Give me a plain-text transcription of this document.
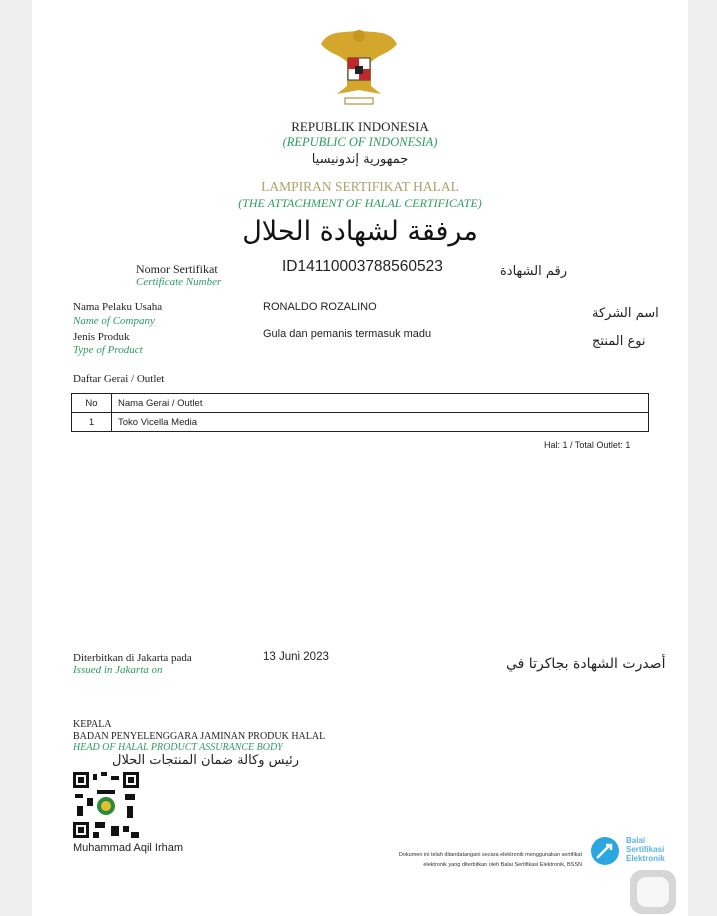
REPUBLIK INDONESIA
(REPUBLIC OF INDONESIA)
جمهورية إندونيسيا
LAMPIRAN SERTIFIKAT HALAL
(THE ATTACHMENT OF HALAL CERTIFICATE)
مرفقة لشهادة الحلال
Nomor Sertifikat
Certificate Number
ID14110003788560523	رقم الشهادة
Nama Pelaku Usaha
Name of Company
RONALDO ROZALINO	اسم الشركة
Jenis Produk
Type of Product
Gula dan pemanis termasuk madu	نوع المنتج
Daftar Gerai / Outlet
No	Nama Gerai / Outlet
1	Toko Vicella Media
Hal: 1 / Total Outlet: 1
Diterbitkan di Jakarta pada
Issued in Jakarta on
13 Juni 2023	أصدرت الشهادة بجاكرتا في
KEPALA
BADAN PENYELENGGARA JAMINAN PRODUK HALAL
HEAD OF HALAL PRODUCT ASSURANCE BODY
رئيس وكالة ضمان المنتجات الحلال
Muhammad Aqil Irham
Dokumen ini telah ditandatangani secara elektronik menggunakan sertifikat
elektronik yang diterbitkan oleh Balai Sertifikasi Elektronik, BSSN
Balai
Sertifikasi
Elektronik
